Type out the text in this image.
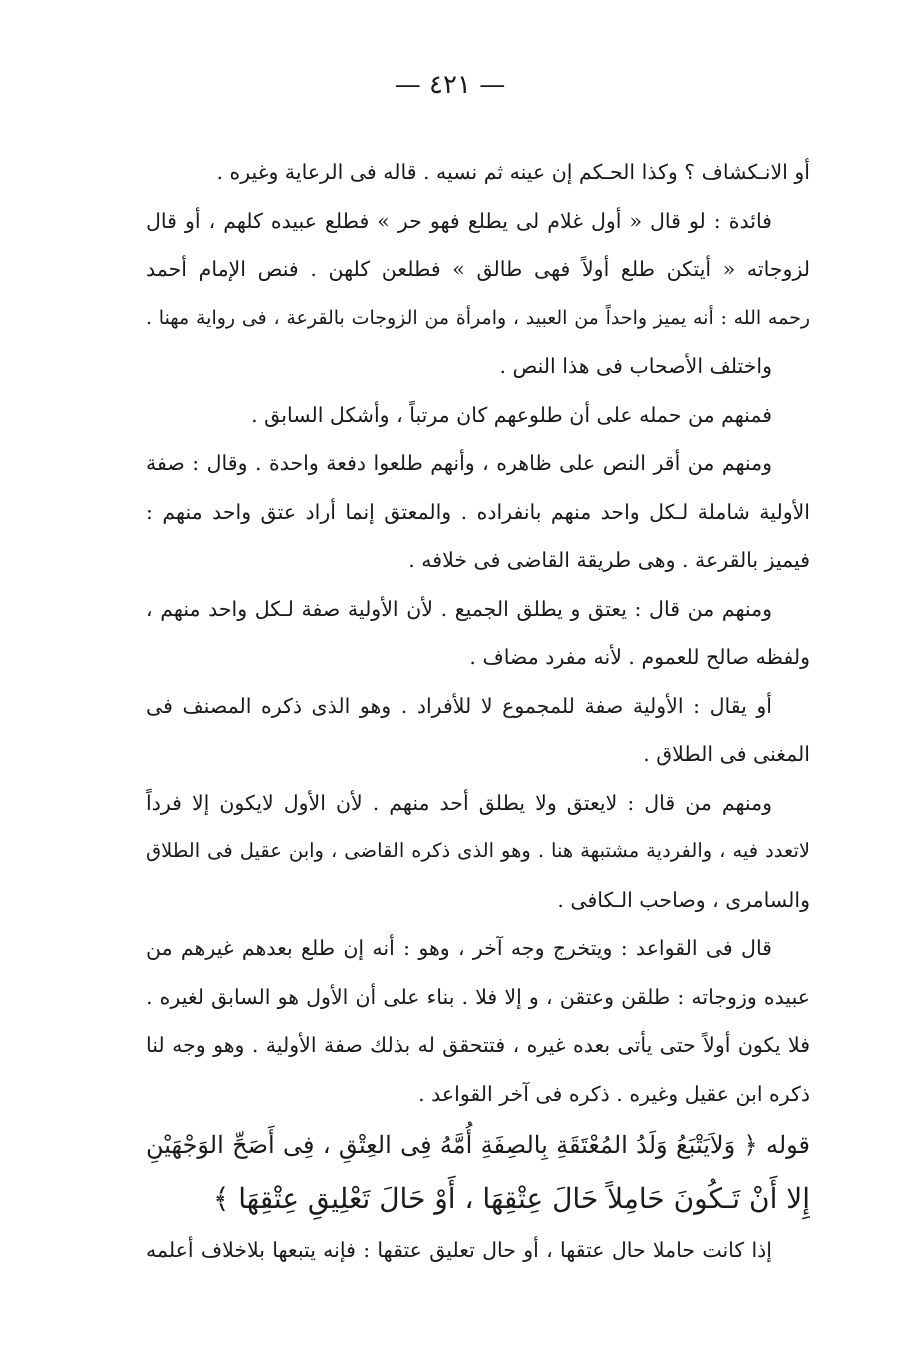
— ٤٢١ —
أو الانـكشاف ؟ وكذا الحـكم إن عينه ثم نسيه . قاله فى الرعاية وغيره .
فائدة : لو قال « أول غلام لى يطلع فهو حر » فطلع عبيده كلهم ، أو قال
لزوجاته « أيتكن طلع أولاً فهى طالق » فطلعن كلهن . فنص الإمام أحمد
رحمه الله : أنه يميز واحداً من العبيد ، وامرأة من الزوجات بالقرعة ، فى رواية مهنا .
واختلف الأصحاب فى هذا النص .
فمنهم من حمله على أن طلوعهم كان مرتباً ، وأشكل السابق .
ومنهم من أقر النص على ظاهره ، وأنهم طلعوا دفعة واحدة . وقال : صفة
الأولية شاملة لـكل واحد منهم بانفراده . والمعتق إنما أراد عتق واحد منهم :
فيميز بالقرعة . وهى طريقة القاضى فى خلافه .
ومنهم من قال : يعتق و يطلق الجميع . لأن الأولية صفة لـكل واحد منهم ،
ولفظه صالح للعموم . لأنه مفرد مضاف .
أو يقال : الأولية صفة للمجموع لا للأفراد . وهو الذى ذكره المصنف فى
المغنى فى الطلاق .
ومنهم من قال : لايعتق ولا يطلق أحد منهم . لأن الأول لايكون إلا فرداً
لاتعدد فيه ، والفردية مشتبهة هنا . وهو الذى ذكره القاضى ، وابن عقيل فى الطلاق
والسامرى ، وصاحب الـكافى .
قال فى القواعد : ويتخرج وجه آخر ، وهو : أنه إن طلع بعدهم غيرهم من
عبيده وزوجاته : طلقن وعتقن ، و إلا فلا . بناء على أن الأول هو السابق لغيره .
فلا يكون أولاً حتى يأتى بعده غيره ، فتتحقق له بذلك صفة الأولية . وهو وجه لنا
ذكره ابن عقيل وغيره . ذكره فى آخر القواعد .
قوله ﴿ وَلاَيَتْبَعُ وَلَدُ المُعْتَقَةِ بِالصِفَةِ أُمَّهُ فِى العِتْقِ ، فِى أَصَحِّ الوَجْهَيْنِ
إِلا أَنْ تَـكُونَ حَامِلاً حَالَ عِتْقِهَا ، أَوْ حَالَ تَعْلِيقِ عِتْقِهَا ﴾
إذا كانت حاملا حال عتقها ، أو حال تعليق عتقها : فإنه يتبعها بلاخلاف أعلمه
